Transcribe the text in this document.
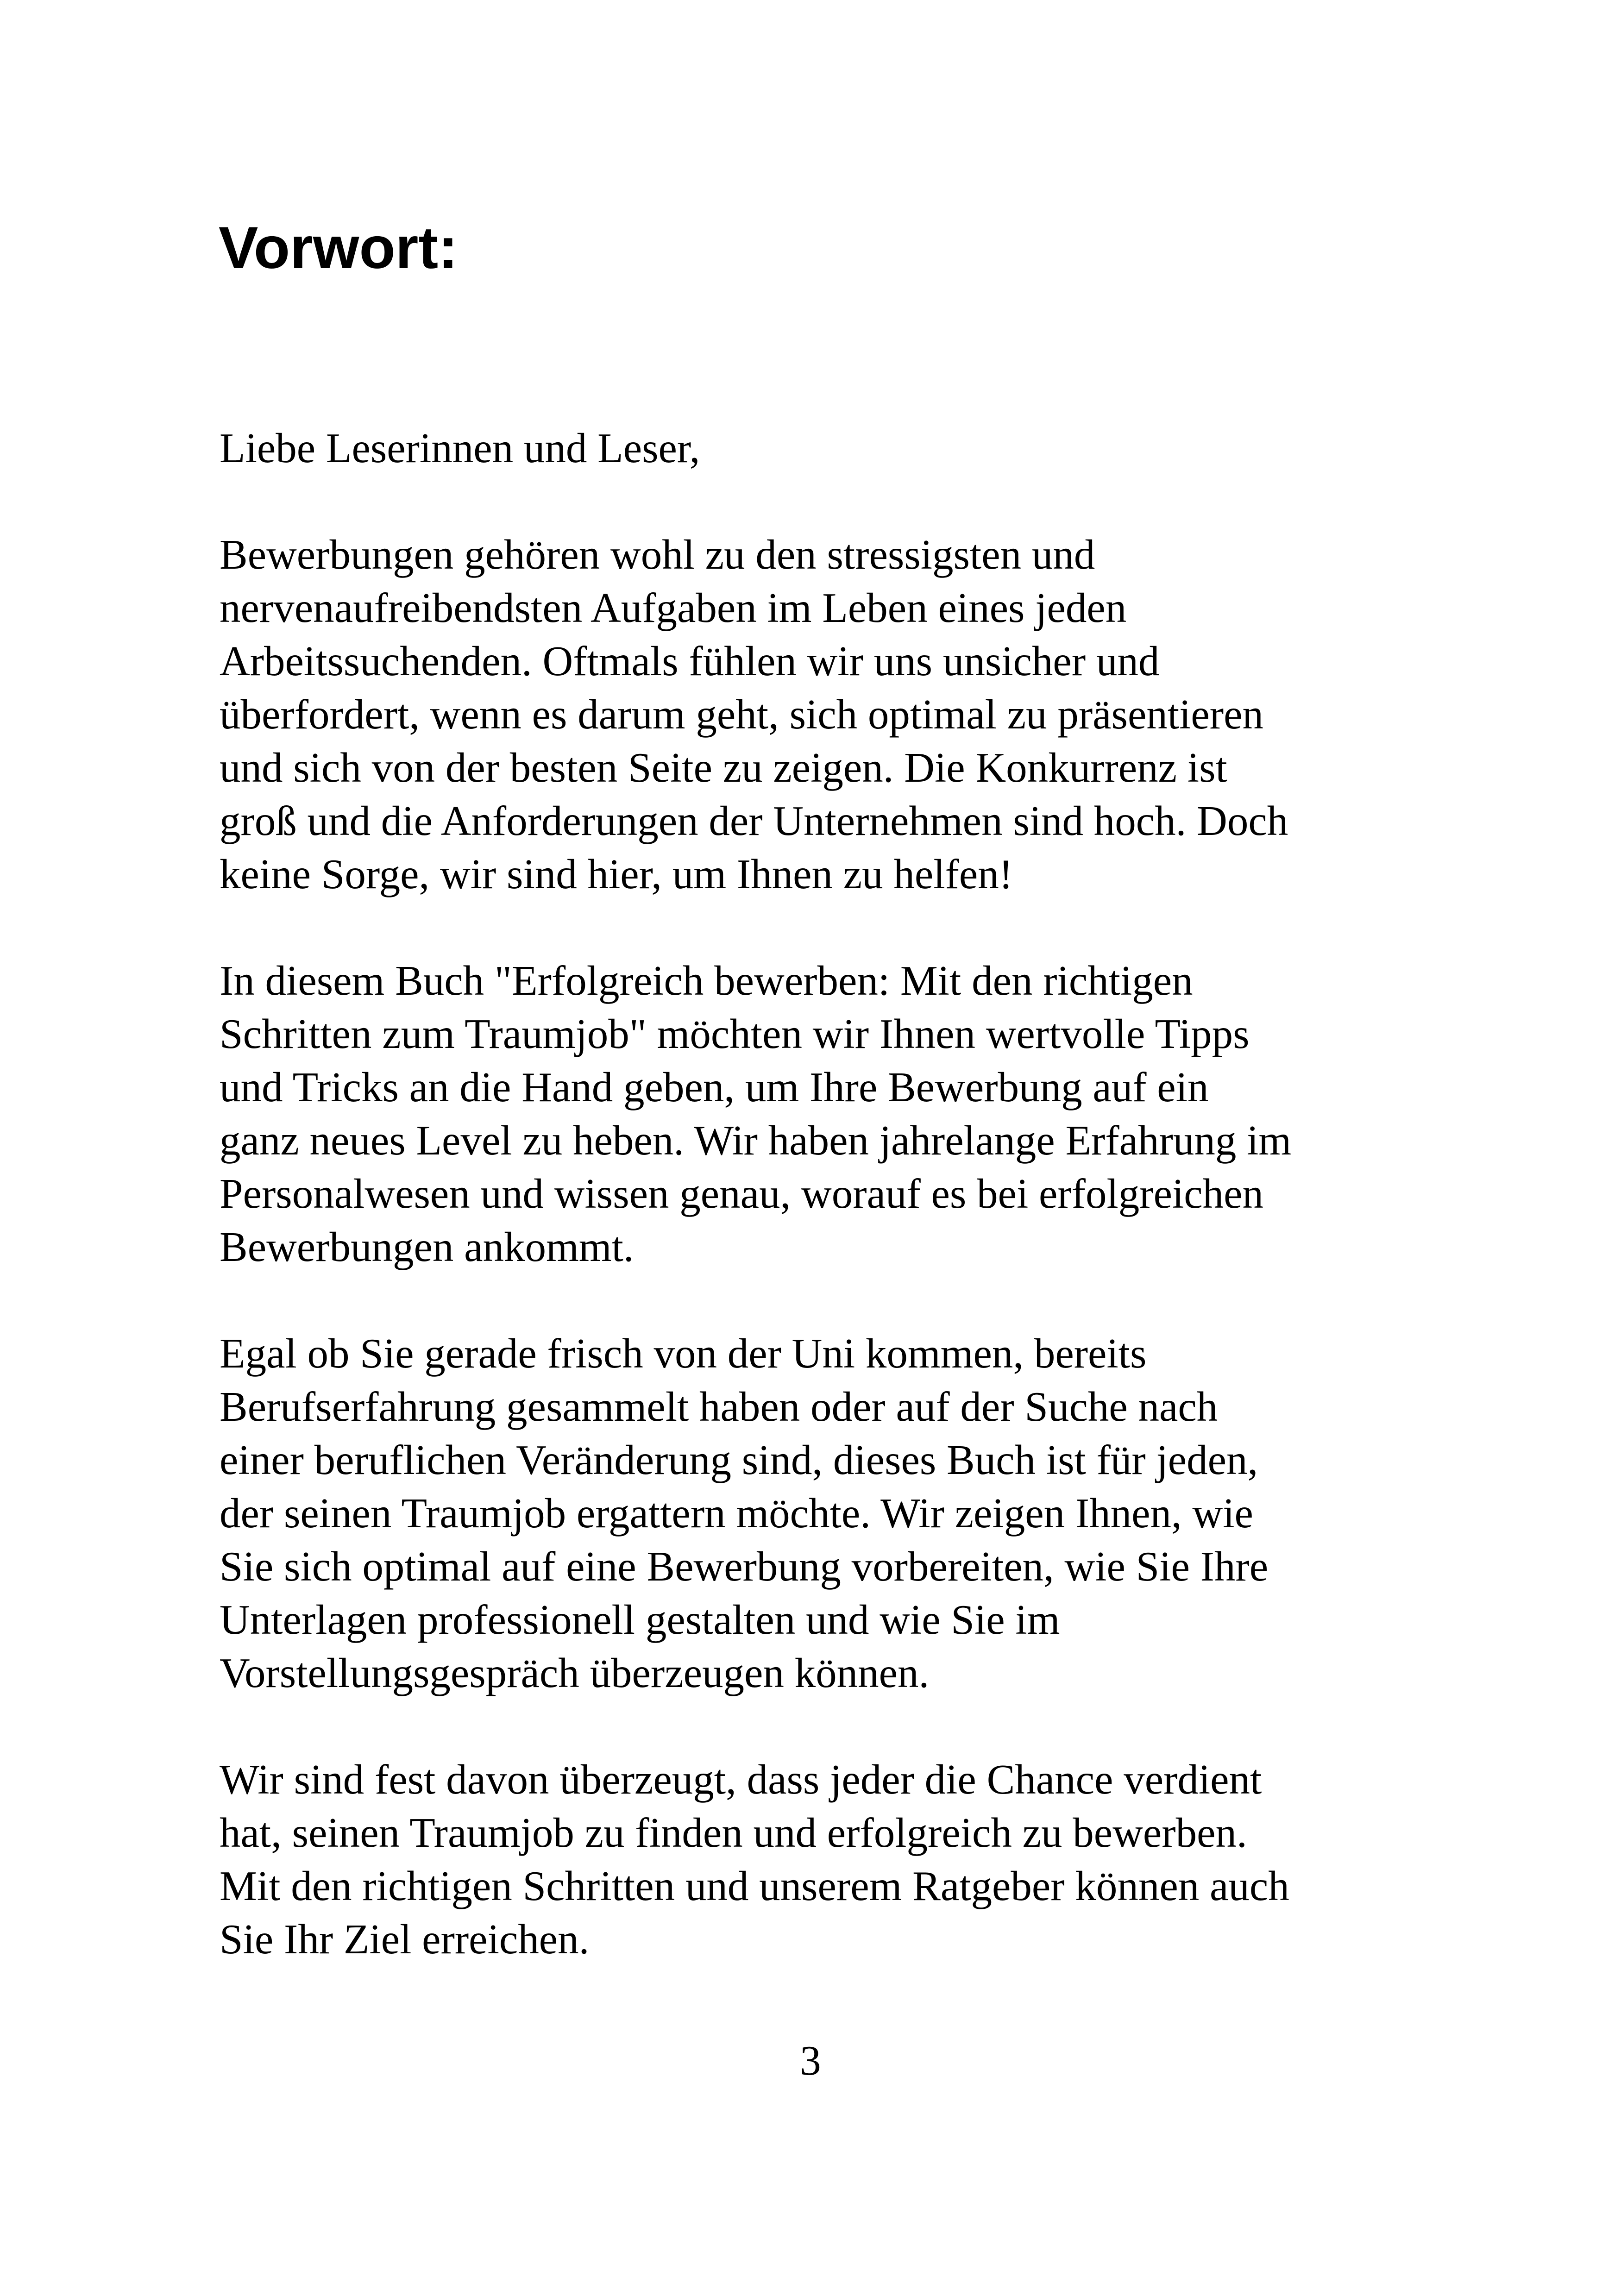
Vorwort:
Liebe Leserinnen und Leser,
Bewerbungen gehören wohl zu den stressigsten und
nervenaufreibendsten Aufgaben im Leben eines jeden
Arbeitssuchenden. Oftmals fühlen wir uns unsicher und
überfordert, wenn es darum geht, sich optimal zu präsentieren
und sich von der besten Seite zu zeigen. Die Konkurrenz ist
groß und die Anforderungen der Unternehmen sind hoch. Doch
keine Sorge, wir sind hier, um Ihnen zu helfen!
In diesem Buch "Erfolgreich bewerben: Mit den richtigen
Schritten zum Traumjob" möchten wir Ihnen wertvolle Tipps
und Tricks an die Hand geben, um Ihre Bewerbung auf ein
ganz neues Level zu heben. Wir haben jahrelange Erfahrung im
Personalwesen und wissen genau, worauf es bei erfolgreichen
Bewerbungen ankommt.
Egal ob Sie gerade frisch von der Uni kommen, bereits
Berufserfahrung gesammelt haben oder auf der Suche nach
einer beruflichen Veränderung sind, dieses Buch ist für jeden,
der seinen Traumjob ergattern möchte. Wir zeigen Ihnen, wie
Sie sich optimal auf eine Bewerbung vorbereiten, wie Sie Ihre
Unterlagen professionell gestalten und wie Sie im
Vorstellungsgespräch überzeugen können.
Wir sind fest davon überzeugt, dass jeder die Chance verdient
hat, seinen Traumjob zu finden und erfolgreich zu bewerben.
Mit den richtigen Schritten und unserem Ratgeber können auch
Sie Ihr Ziel erreichen.
3
